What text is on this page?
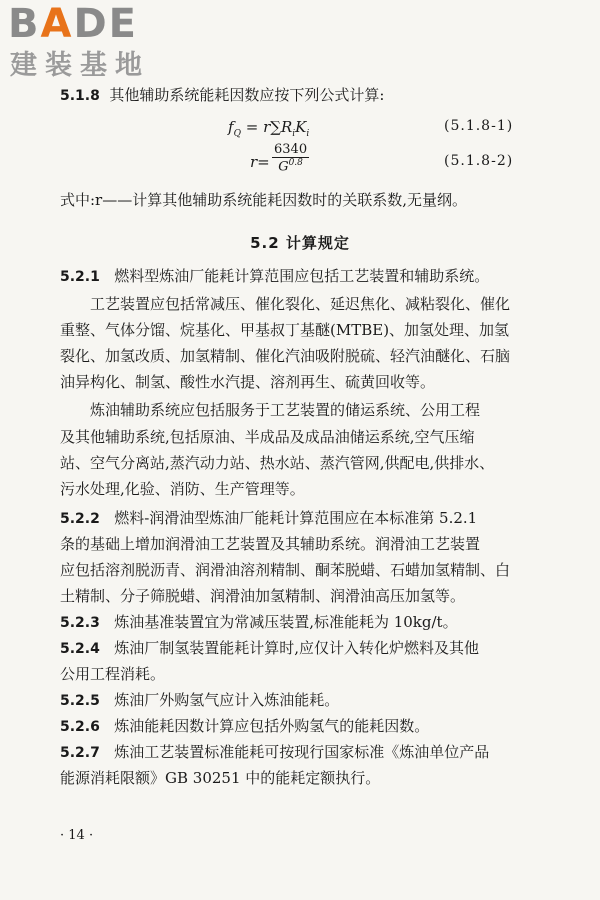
BADE
建装基地
5.1.8 其他辅助系统能耗因数应按下列公式计算:
$f_Q = r\sum R_iK_i$	(5.1.8-1)
$r= \frac{6340}{G^{0.8}}$	(5.1.8-2)
式中:r——计算其他辅助系统能耗因数时的关联系数,无量纲。
5.2 计算规定
5.2.1 燃料型炼油厂能耗计算范围应包括工艺装置和辅助系统。
工艺装置应包括常减压、催化裂化、延迟焦化、减粘裂化、催化
重整、气体分馏、烷基化、甲基叔丁基醚(MTBE)、加氢处理、加氢
裂化、加氢改质、加氢精制、催化汽油吸附脱硫、轻汽油醚化、石脑
油异构化、制氢、酸性水汽提、溶剂再生、硫黄回收等。
炼油辅助系统应包括服务于工艺装置的储运系统、公用工程
及其他辅助系统,包括原油、半成品及成品油储运系统,空气压缩
站、空气分离站,蒸汽动力站、热水站、蒸汽管网,供配电,供排水、
污水处理,化验、消防、生产管理等。
5.2.2 燃料-润滑油型炼油厂能耗计算范围应在本标准第 5.2.1
条的基础上增加润滑油工艺装置及其辅助系统。润滑油工艺装置
应包括溶剂脱沥青、润滑油溶剂精制、酮苯脱蜡、石蜡加氢精制、白
土精制、分子筛脱蜡、润滑油加氢精制、润滑油高压加氢等。
5.2.3 炼油基准装置宜为常减压装置,标准能耗为 10kg/t。
5.2.4 炼油厂制氢装置能耗计算时,应仅计入转化炉燃料及其他
公用工程消耗。
5.2.5 炼油厂外购氢气应计入炼油能耗。
5.2.6 炼油能耗因数计算应包括外购氢气的能耗因数。
5.2.7 炼油工艺装置标准能耗可按现行国家标准《炼油单位产品
能源消耗限额》GB 30251 中的能耗定额执行。
· 14 ·
